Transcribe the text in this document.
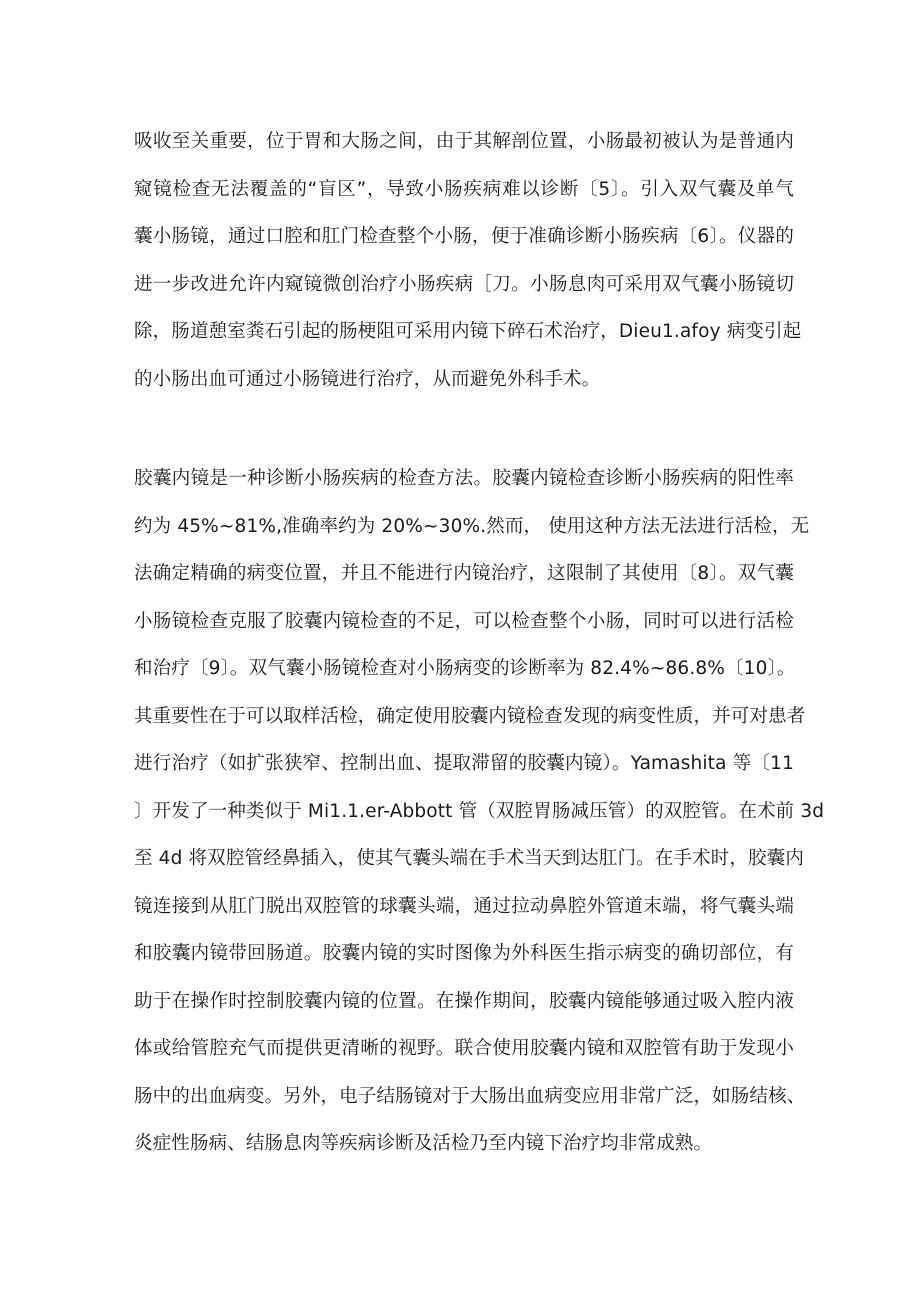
吸收至关重要，位于胃和大肠之间，由于其解剖位置，小肠最初被认为是普通内
窥镜检查无法覆盖的“盲区”，导致小肠疾病难以诊断〔5〕。引入双气囊及单气
囊小肠镜，通过口腔和肛门检查整个小肠，便于准确诊断小肠疾病〔6〕。仪器的
进一步改进允许内窥镜微创治疗小肠疾病［刀。小肠息肉可采用双气囊小肠镜切
除，肠道憩室粪石引起的肠梗阻可采用内镜下碎石术治疗，Dieu1.afoy 病变引起
的小肠出血可通过小肠镜进行治疗，从而避免外科手术。
胶囊内镜是一种诊断小肠疾病的检查方法。胶囊内镜检查诊断小肠疾病的阳性率
约为 45%~81%,准确率约为 20%~30%.然而， 使用这种方法无法进行活检，无
法确定精确的病变位置，并且不能进行内镜治疗，这限制了其使用〔8〕。双气囊
小肠镜检查克服了胶囊内镜检查的不足，可以检查整个小肠，同时可以进行活检
和治疗〔9〕。双气囊小肠镜检查对小肠病变的诊断率为 82.4%~86.8%〔10〕。
其重要性在于可以取样活检，确定使用胶囊内镜检查发现的病变性质，并可对患者
进行治疗（如扩张狭窄、控制出血、提取滞留的胶囊内镜）。Yamashita 等〔11
〕开发了一种类似于 Mi1.1.er-Abbott 管（双腔胃肠减压管）的双腔管。在术前 3d
至 4d 将双腔管经鼻插入，使其气囊头端在手术当天到达肛门。在手术时，胶囊内
镜连接到从肛门脱出双腔管的球囊头端，通过拉动鼻腔外管道末端，将气囊头端
和胶囊内镜带回肠道。胶囊内镜的实时图像为外科医生指示病变的确切部位，有
助于在操作时控制胶囊内镜的位置。在操作期间，胶囊内镜能够通过吸入腔内液
体或给管腔充气而提供更清晰的视野。联合使用胶囊内镜和双腔管有助于发现小
肠中的出血病变。另外，电子结肠镜对于大肠出血病变应用非常广泛，如肠结核、
炎症性肠病、结肠息肉等疾病诊断及活检乃至内镜下治疗均非常成熟。
